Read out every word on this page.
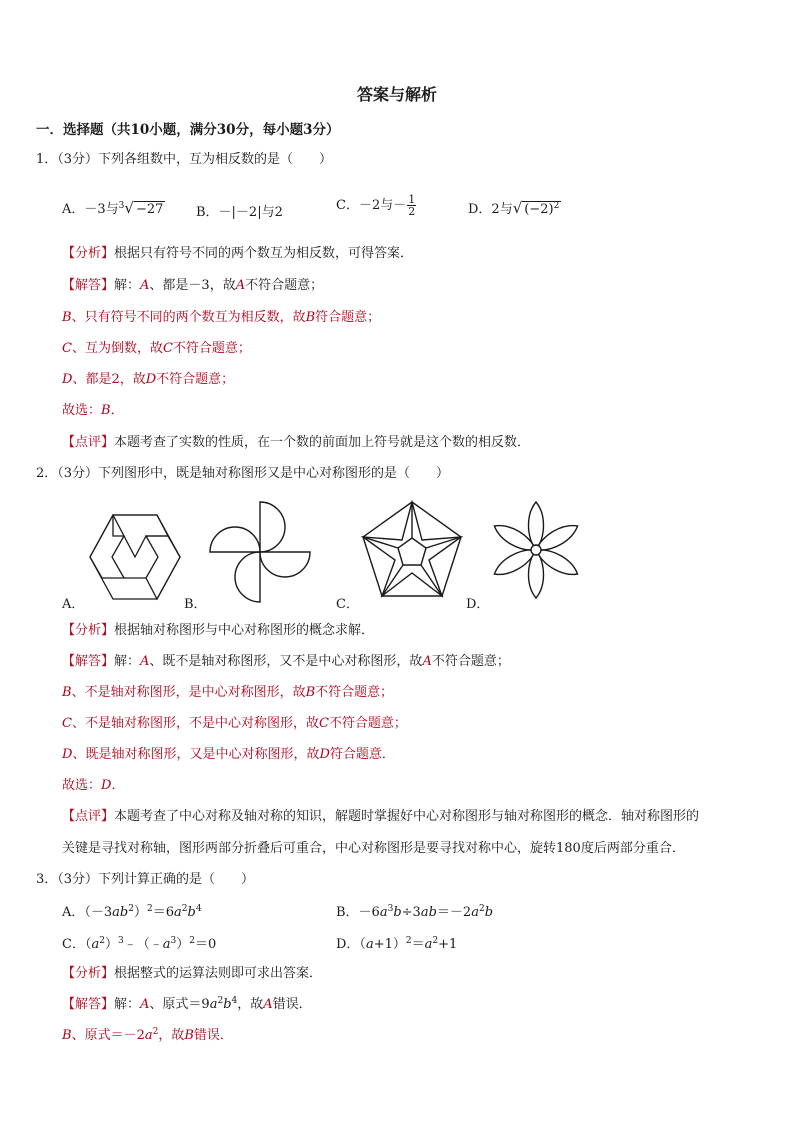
答案与解析
一．选择题（共10小题，满分30分，每小题3分）
1．（3分）下列各组数中，互为相反数的是（　　）
A．－3与$^3$√ −27	B．－|－2|与2	C．－2与－ $\frac{1}{2}$	D．2与√ $(-2)^2$
【分析】根据只有符号不同的两个数互为相反数，可得答案．
【解答】解：A、都是－3，故A不符合题意；
B、只有符号不同的两个数互为相反数，故B符合题意；
C、互为倒数，故C不符合题意；
D、都是2，故D不符合题意；
故选：B．
【点评】本题考查了实数的性质，在一个数的前面加上符号就是这个数的相反数．
2．（3分）下列图形中，既是轴对称图形又是中心对称图形的是（　　）
A．	B．	C．	D．
【分析】根据轴对称图形与中心对称图形的概念求解．
【解答】解：A、既不是轴对称图形，又不是中心对称图形，故A不符合题意；
B、不是轴对称图形，是中心对称图形，故B不符合题意；
C、不是轴对称图形，不是中心对称图形，故C不符合题意；
D、既是轴对称图形，又是中心对称图形，故D符合题意．
故选：D．
【点评】本题考查了中心对称及轴对称的知识，解题时掌握好中心对称图形与轴对称图形的概念．轴对称图形的
关键是寻找对称轴，图形两部分折叠后可重合，中心对称图形是要寻找对称中心，旋转180度后两部分重合．
3．（3分）下列计算正确的是（　　）
A．$(-3ab^2)^2=6a^2b^4$	B．$-6a^3b\div 3ab=-2a^2b$
C．$(a^2)^3﹣(﹣a^3)^2=0$	D．$(a+1)^2=a^2+1$
【分析】根据整式的运算法则即可求出答案．
【解答】解：A、原式$=9a^2b^4$，故A错误．
B、原式$=-2a^2$，故B错误．
